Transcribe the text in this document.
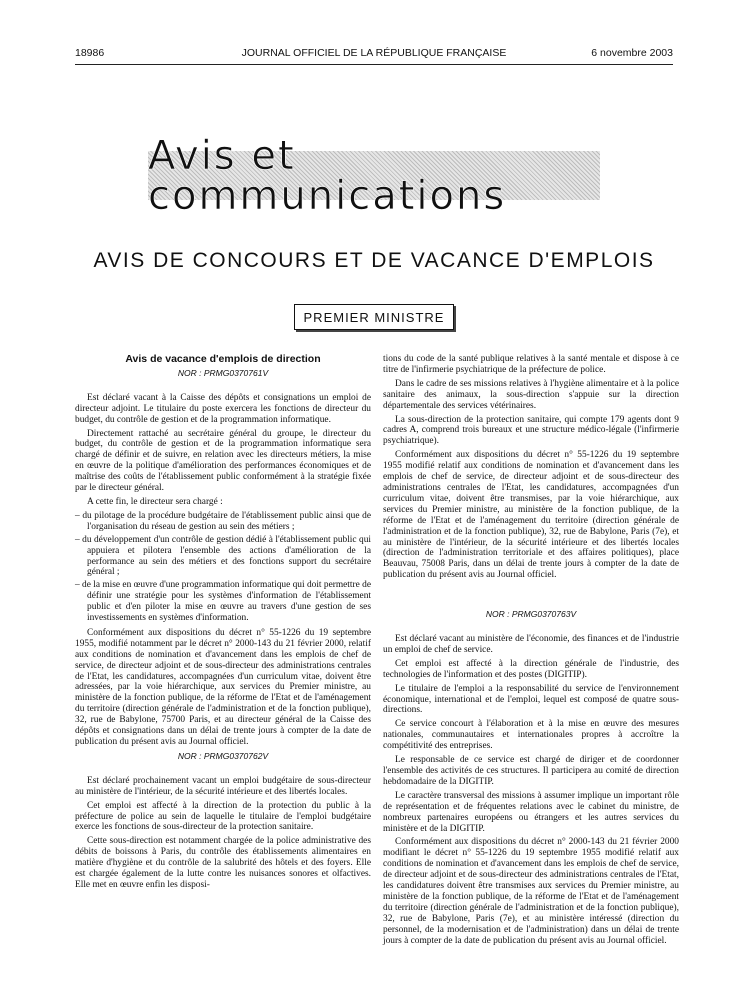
18986	JOURNAL OFFICIEL DE LA RÉPUBLIQUE FRANÇAISE	6 novembre 2003
Avis et communications
AVIS DE CONCOURS ET DE VACANCE D'EMPLOIS
PREMIER MINISTRE
Avis de vacance d'emplois de direction
NOR : PRMG0370761V

Est déclaré vacant à la Caisse des dépôts et consignations un emploi de directeur adjoint. Le titulaire du poste exercera les fonctions de directeur du budget, du contrôle de gestion et de la programmation informatique.

Directement rattaché au secrétaire général du groupe, le directeur du budget, du contrôle de gestion et de la programmation informatique sera chargé de définir et de suivre, en relation avec les directeurs métiers, la mise en œuvre de la politique d'amélioration des performances économiques et de maîtrise des coûts de l'établissement public conformément à la stratégie fixée par le directeur général.

A cette fin, le directeur sera chargé :

– du pilotage de la procédure budgétaire de l'établissement public ainsi que de l'organisation du réseau de gestion au sein des métiers ;
– du développement d'un contrôle de gestion dédié à l'établissement public qui appuiera et pilotera l'ensemble des actions d'amélioration de la performance au sein des métiers et des fonctions support du secrétaire général ;
– de la mise en œuvre d'une programmation informatique qui doit permettre de définir une stratégie pour les systèmes d'information de l'établissement public et d'en piloter la mise en œuvre au travers d'une gestion de ses investissements en systèmes d'information.

Conformément aux dispositions du décret n° 55-1226 du 19 septembre 1955, modifié notamment par le décret n° 2000-143 du 21 février 2000, relatif aux conditions de nomination et d'avancement dans les emplois de chef de service, de directeur adjoint et de sous-directeur des administrations centrales de l'Etat, les candidatures, accompagnées d'un curriculum vitae, doivent être adressées, par la voie hiérarchique, aux services du Premier ministre, au ministère de la fonction publique, de la réforme de l'Etat et de l'aménagement du territoire (direction générale de l'administration et de la fonction publique), 32, rue de Babylone, 75700 Paris, et au directeur général de la Caisse des dépôts et consignations dans un délai de trente jours à compter de la date de publication du présent avis au Journal officiel.

NOR : PRMG0370762V

Est déclaré prochainement vacant un emploi budgétaire de sous-directeur au ministère de l'intérieur, de la sécurité intérieure et des libertés locales.

Cet emploi est affecté à la direction de la protection du public à la préfecture de police au sein de laquelle le titulaire de l'emploi budgétaire exerce les fonctions de sous-directeur de la protection sanitaire.

Cette sous-direction est notamment chargée de la police administrative des débits de boissons à Paris, du contrôle des établissements alimentaires en matière d'hygiène et du contrôle de la salubrité des hôtels et des foyers. Elle est chargée également de la lutte contre les nuisances sonores et olfactives. Elle met en œuvre enfin les disposi-

tions du code de la santé publique relatives à la santé mentale et dispose à ce titre de l'infirmerie psychiatrique de la préfecture de police.

Dans le cadre de ses missions relatives à l'hygiène alimentaire et à la police sanitaire des animaux, la sous-direction s'appuie sur la direction départementale des services vétérinaires.

La sous-direction de la protection sanitaire, qui compte 179 agents dont 9 cadres A, comprend trois bureaux et une structure médico-légale (l'infirmerie psychiatrique).

Conformément aux dispositions du décret n° 55-1226 du 19 septembre 1955 modifié relatif aux conditions de nomination et d'avancement dans les emplois de chef de service, de directeur adjoint et de sous-directeur des administrations centrales de l'Etat, les candidatures, accompagnées d'un curriculum vitae, doivent être transmises, par la voie hiérarchique, aux services du Premier ministre, au ministère de la fonction publique, de la réforme de l'Etat et de l'aménagement du territoire (direction générale de l'administration et de la fonction publique), 32, rue de Babylone, Paris (7e), et au ministère de l'intérieur, de la sécurité intérieure et des libertés locales (direction de l'administration territoriale et des affaires politiques), place Beauvau, 75008 Paris, dans un délai de trente jours à compter de la date de publication du présent avis au Journal officiel.

NOR : PRMG0370763V

Est déclaré vacant au ministère de l'économie, des finances et de l'industrie un emploi de chef de service.

Cet emploi est affecté à la direction générale de l'industrie, des technologies de l'information et des postes (DIGITIP).

Le titulaire de l'emploi a la responsabilité du service de l'environnement économique, international et de l'emploi, lequel est composé de quatre sous-directions.

Ce service concourt à l'élaboration et à la mise en œuvre des mesures nationales, communautaires et internationales propres à accroître la compétitivité des entreprises.

Le responsable de ce service est chargé de diriger et de coordonner l'ensemble des activités de ces structures. Il participera au comité de direction hebdomadaire de la DIGITIP.

Le caractère transversal des missions à assumer implique un important rôle de représentation et de fréquentes relations avec le cabinet du ministre, de nombreux partenaires européens ou étrangers et les autres services du ministère et de la DIGITIP.

Conformément aux dispositions du décret n° 2000-143 du 21 février 2000 modifiant le décret n° 55-1226 du 19 septembre 1955 modifié relatif aux conditions de nomination et d'avancement dans les emplois de chef de service, de directeur adjoint et de sous-directeur des administrations centrales de l'Etat, les candidatures doivent être transmises aux services du Premier ministre, au ministère de la fonction publique, de la réforme de l'Etat et de l'aménagement du territoire (direction générale de l'administration et de la fonction publique), 32, rue de Babylone, Paris (7e), et au ministère intéressé (direction du personnel, de la modernisation et de l'administration) dans un délai de trente jours à compter de la date de publication du présent avis au Journal officiel.
